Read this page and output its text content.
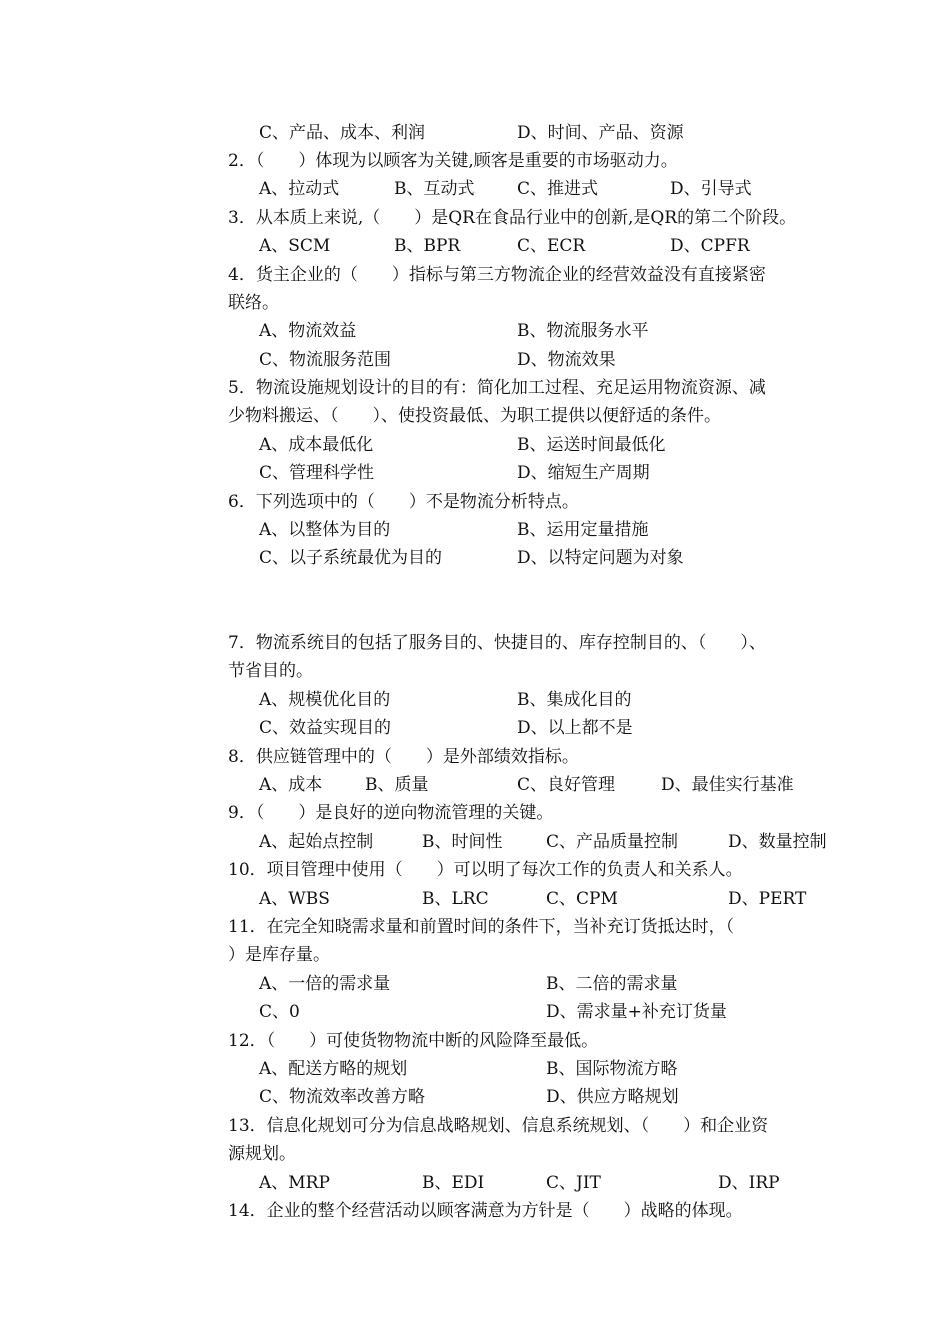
C、产品、成本、利润	D、时间、产品、资源
2．（　　）体现为以顾客为关键,顾客是重要的市场驱动力。
A、拉动式	B、互动式	C、推进式	D、引导式
3．从本质上来说,（　　）是QR在食品行业中的创新,是QR的第二个阶段。
A、SCM	B、BPR	C、ECR	D、CPFR
4．货主企业的（　　）指标与第三方物流企业的经营效益没有直接紧密
联络。
A、物流效益	B、物流服务水平
C、物流服务范围	D、物流效果
5．物流设施规划设计的目的有：简化加工过程、充足运用物流资源、减
少物料搬运、（　　）、使投资最低、为职工提供以便舒适的条件。
A、成本最低化	B、运送时间最低化
C、管理科学性	D、缩短生产周期
6．下列选项中的（　　）不是物流分析特点。
A、以整体为目的	B、运用定量措施
C、以子系统最优为目的	D、以特定问题为对象
7．物流系统目的包括了服务目的、快捷目的、库存控制目的、（　　）、
节省目的。
A、规模优化目的	B、集成化目的
C、效益实现目的	D、以上都不是
8．供应链管理中的（　　）是外部绩效指标。
A、成本	B、质量	C、良好管理	D、最佳实行基准
9．（　　）是良好的逆向物流管理的关键。
A、起始点控制	B、时间性	C、产品质量控制	D、数量控制
10．项目管理中使用（　　）可以明了每次工作的负责人和关系人。
A、WBS	B、LRC	C、CPM	D、PERT
11．在完全知晓需求量和前置时间的条件下，当补充订货抵达时，（
）是库存量。
A、一倍的需求量	B、二倍的需求量
C、0	D、需求量+补充订货量
12．（　　）可使货物物流中断的风险降至最低。
A、配送方略的规划	B、国际物流方略
C、物流效率改善方略	D、供应方略规划
13．信息化规划可分为信息战略规划、信息系统规划、（　　）和企业资
源规划。
A、MRP	B、EDI	C、JIT	D、IRP
14．企业的整个经营活动以顾客满意为方针是（　　）战略的体现。
